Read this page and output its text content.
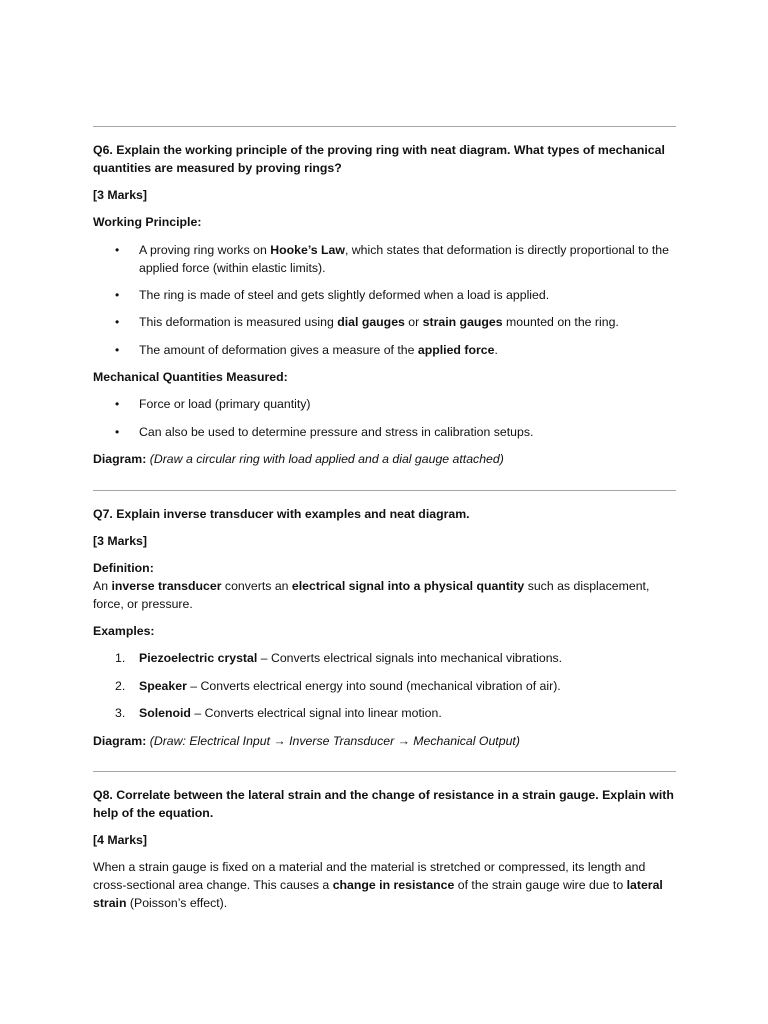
Q6. Explain the working principle of the proving ring with neat diagram. What types of mechanical quantities are measured by proving rings?

[3 Marks]

Working Principle:

• A proving ring works on Hooke’s Law, which states that deformation is directly proportional to the applied force (within elastic limits).
• The ring is made of steel and gets slightly deformed when a load is applied.
• This deformation is measured using dial gauges or strain gauges mounted on the ring.
• The amount of deformation gives a measure of the applied force.

Mechanical Quantities Measured:

• Force or load (primary quantity)
• Can also be used to determine pressure and stress in calibration setups.

Diagram: (Draw a circular ring with load applied and a dial gauge attached)

Q7. Explain inverse transducer with examples and neat diagram.

[3 Marks]

Definition:

An inverse transducer converts an electrical signal into a physical quantity such as displacement, force, or pressure.

Examples:

1. Piezoelectric crystal – Converts electrical signals into mechanical vibrations.
2. Speaker – Converts electrical energy into sound (mechanical vibration of air).
3. Solenoid – Converts electrical signal into linear motion.

Diagram: (Draw: Electrical Input → Inverse Transducer → Mechanical Output)

Q8. Correlate between the lateral strain and the change of resistance in a strain gauge. Explain with help of the equation.

[4 Marks]

When a strain gauge is fixed on a material and the material is stretched or compressed, its length and cross-sectional area change. This causes a change in resistance of the strain gauge wire due to lateral strain (Poisson’s effect).
